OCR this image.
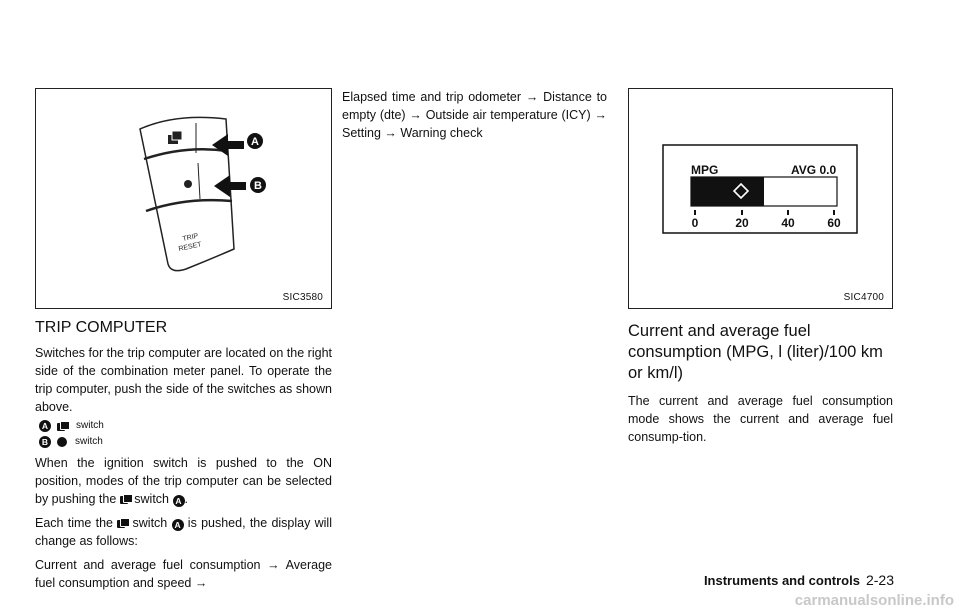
TRIP
RESET
A
B
SIC3580
MPG	AVG 0.0
0	20	40	60
SIC4700
TRIP COMPUTER

Switches for the trip computer are located on the right side of the combination meter panel. To operate the trip computer, push the side of the switches as shown above.

A	switch
B	switch

When the ignition switch is pushed to the ON position, modes of the trip computer can be selected by pushing the switch A .

Each time the switch A is pushed, the display will change as follows:

Current and average fuel consumption → Average fuel consumption and speed →

Elapsed time and trip odometer → Distance to empty (dte) → Outside air temperature (ICY) → Setting → Warning check

Current and average fuel consumption (MPG, l (liter)/100 km or km/l)

The current and average fuel consumption mode shows the current and average fuel consump-tion.

Instruments and controls 2-23
carmanualsonline.info
